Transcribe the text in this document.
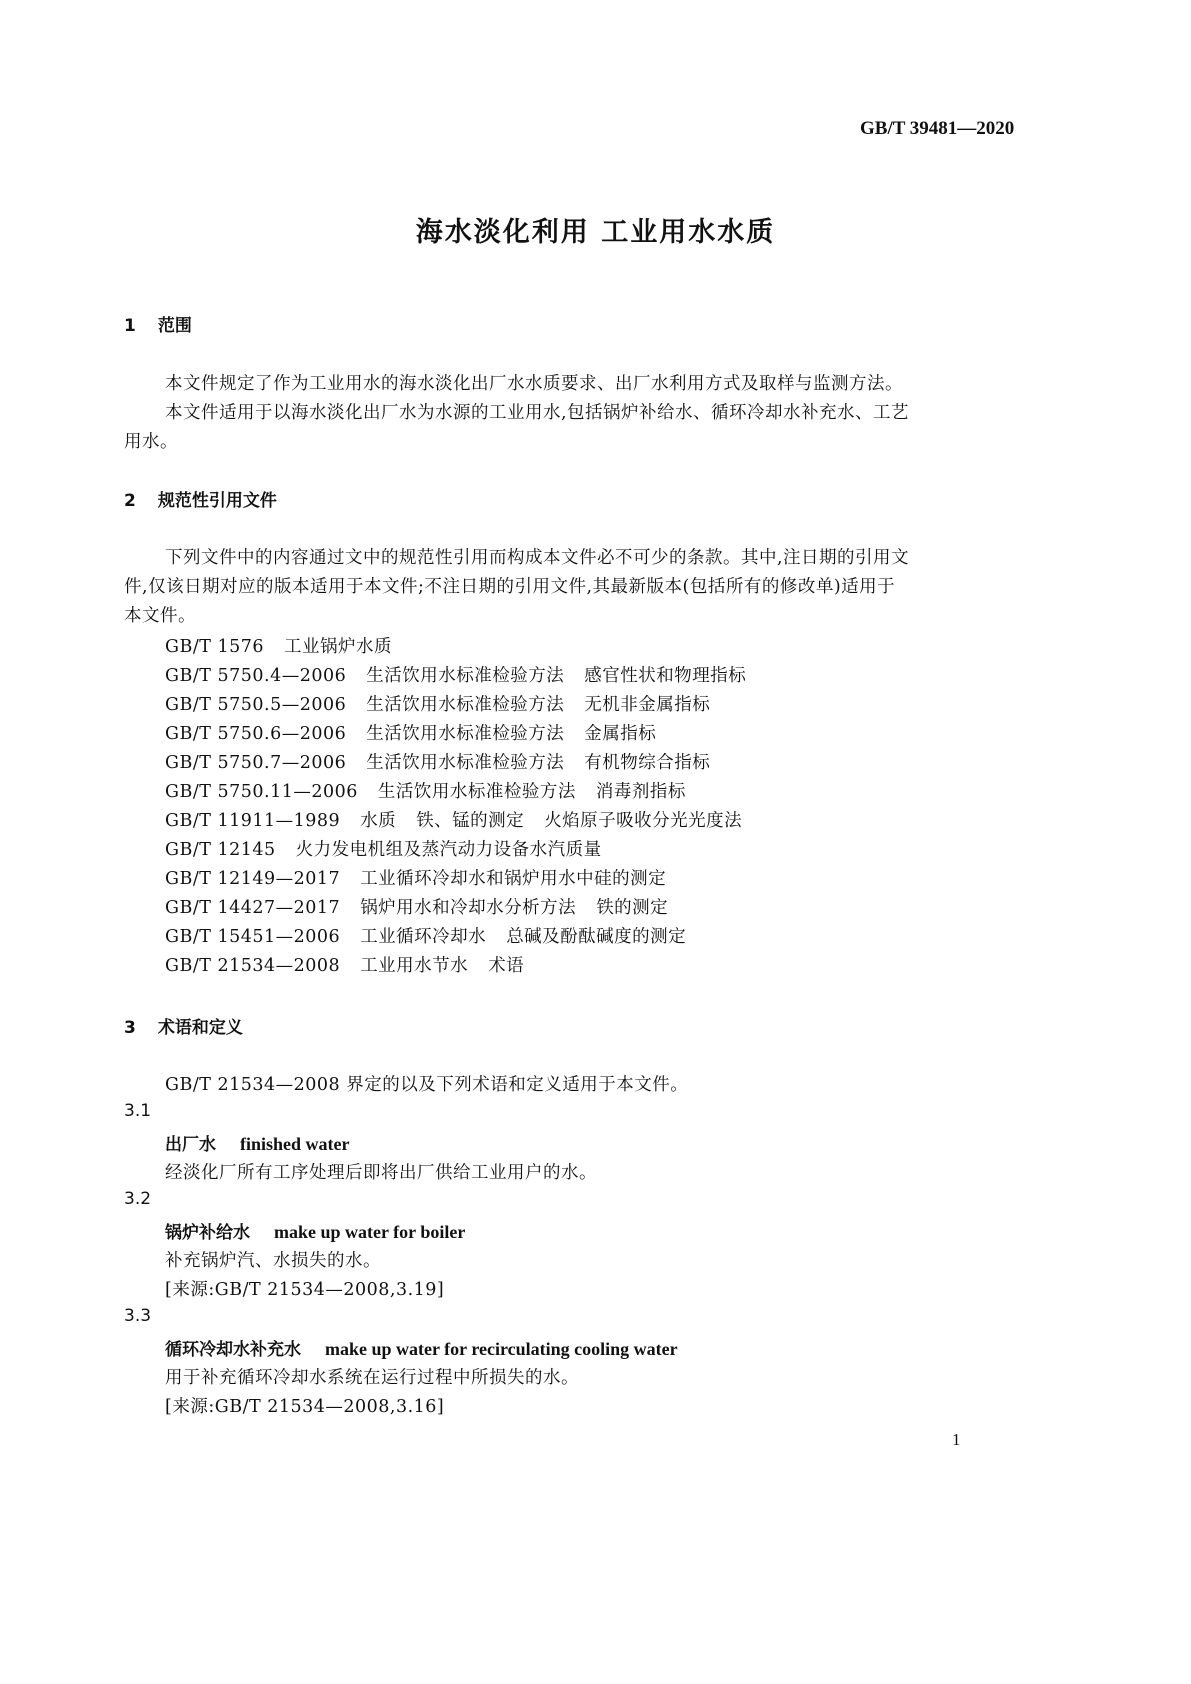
GB/T 39481—2020
海水淡化利用 工业用水水质
1 范围
本文件规定了作为工业用水的海水淡化出厂水水质要求、出厂水利用方式及取样与监测方法。
本文件适用于以海水淡化出厂水为水源的工业用水,包括锅炉补给水、循环冷却水补充水、工艺
用水。
2 规范性引用文件
下列文件中的内容通过文中的规范性引用而构成本文件必不可少的条款。其中,注日期的引用文
件,仅该日期对应的版本适用于本文件;不注日期的引用文件,其最新版本(包括所有的修改单)适用于
本文件。
GB/T 1576 工业锅炉水质
GB/T 5750.4—2006 生活饮用水标准检验方法 感官性状和物理指标
GB/T 5750.5—2006 生活饮用水标准检验方法 无机非金属指标
GB/T 5750.6—2006 生活饮用水标准检验方法 金属指标
GB/T 5750.7—2006 生活饮用水标准检验方法 有机物综合指标
GB/T 5750.11—2006 生活饮用水标准检验方法 消毒剂指标
GB/T 11911—1989 水质 铁、锰的测定 火焰原子吸收分光光度法
GB/T 12145 火力发电机组及蒸汽动力设备水汽质量
GB/T 12149—2017 工业循环冷却水和锅炉用水中硅的测定
GB/T 14427—2017 锅炉用水和冷却水分析方法 铁的测定
GB/T 15451—2006 工业循环冷却水 总碱及酚酞碱度的测定
GB/T 21534—2008 工业用水节水 术语
3 术语和定义
GB/T 21534—2008 界定的以及下列术语和定义适用于本文件。
3.1
出厂水 finished water
经淡化厂所有工序处理后即将出厂供给工业用户的水。
3.2
锅炉补给水 make up water for boiler
补充锅炉汽、水损失的水。
[来源:GB/T 21534—2008,3.19]
3.3
循环冷却水补充水 make up water for recirculating cooling water
用于补充循环冷却水系统在运行过程中所损失的水。
[来源:GB/T 21534—2008,3.16]
1
